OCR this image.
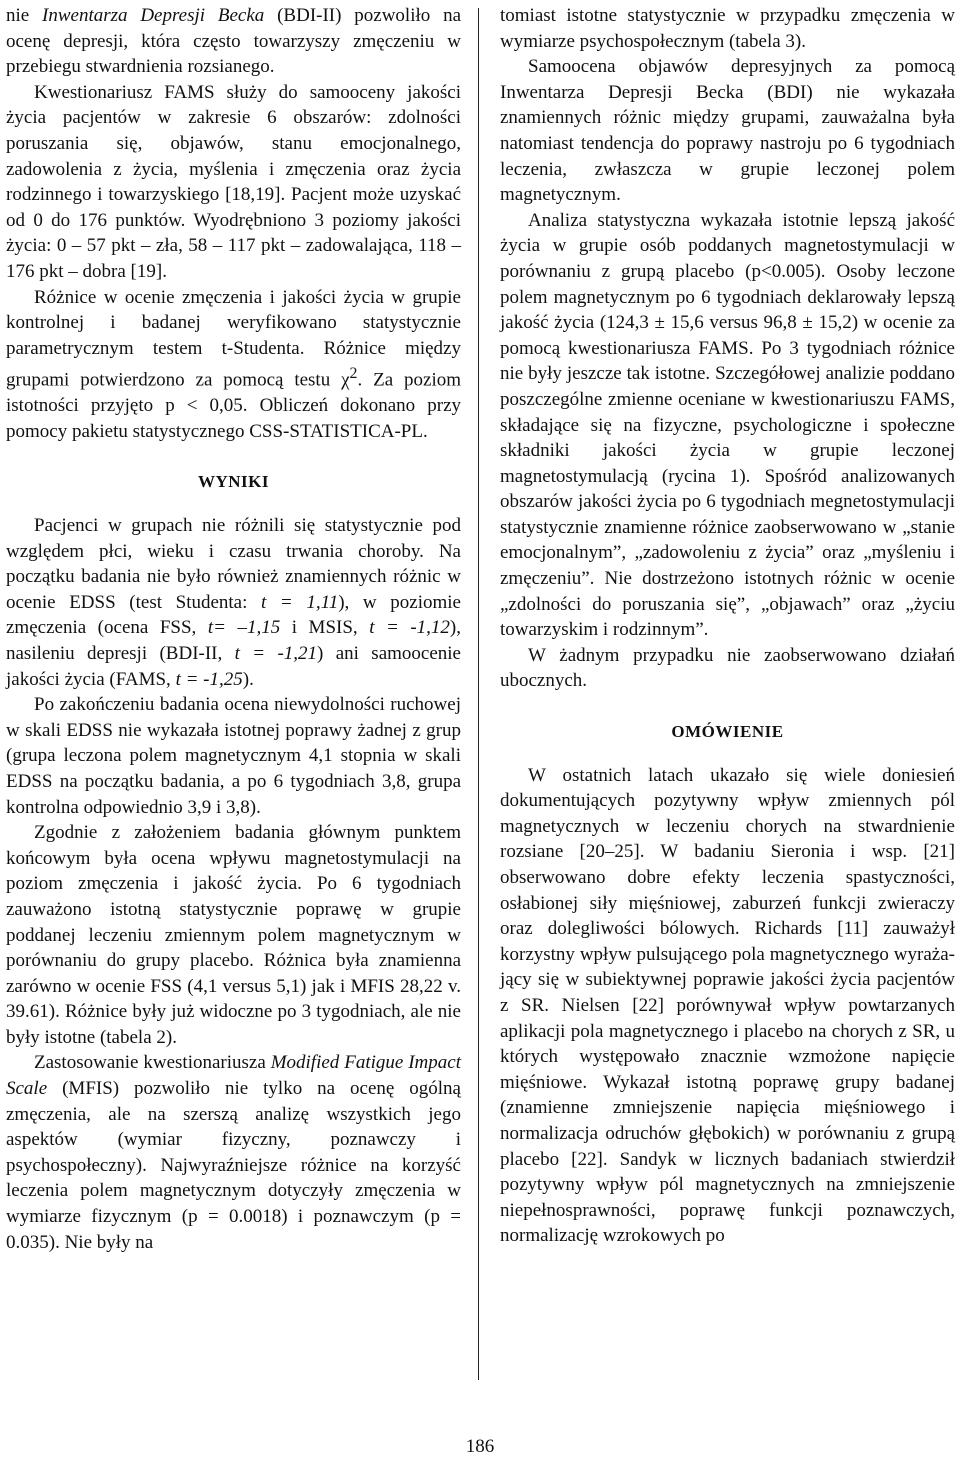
nie Inwentarza Depresji Becka (BDI-II) pozwoliło na ocenę depresji, która często towarzyszy zmęczeniu w przebiegu stwardnienia rozsianego.

Kwestionariusz FAMS służy do samooceny jakości życia pacjentów w zakresie 6 obszarów: zdolności poruszania się, objawów, stanu emocjonalnego, zadowolenia z życia, myślenia i zmęczenia oraz życia rodzinnego i towarzyskiego [18,19]. Pacjent może uzyskać od 0 do 176 punktów. Wyodrębniono 3 poziomy jakości życia: 0 – 57 pkt – zła, 58 – 117 pkt – zadowalająca, 118 – 176 pkt – dobra [19].

Różnice w ocenie zmęczenia i jakości życia w grupie kontrolnej i badanej weryfikowano statystycznie parametrycznym testem t-Studenta. Różnice między grupami potwierdzono za pomocą testu $\chi^2$. Za poziom istotności przyjęto p < 0,05. Obliczeń dokonano przy pomocy pakietu statystycznego CSS-STATISTICA-PL.

WYNIKI

Pacjenci w grupach nie różnili się statystycznie pod względem płci, wieku i czasu trwania choroby. Na początku badania nie było również znamiennych różnic w ocenie EDSS (test Studenta: t = 1,11), w poziomie zmęczenia (ocena FSS, t= –1,15 i MSIS, t = -1,12), nasileniu depresji (BDI-II, t = -1,21) ani samoocenie jakości życia (FAMS, t = -1,25).

Po zakończeniu badania ocena niewydolności ruchowej w skali EDSS nie wykazała istotnej poprawy żadnej z grup (grupa leczona polem magnetycznym 4,1 stopnia w skali EDSS na początku badania, a po 6 tygodniach 3,8, grupa kontrolna odpowiednio 3,9 i 3,8).

Zgodnie z założeniem badania głównym punktem końcowym była ocena wpływu magnetostymulacji na poziom zmęczenia i jakość życia. Po 6 tygodniach zauważono istotną statystycznie poprawę w grupie poddanej leczeniu zmiennym polem magnetycznym w porównaniu do grupy placebo. Różnica była znamienna zarówno w ocenie FSS (4,1 versus 5,1) jak i MFIS 28,22 v. 39.61). Różnice były już widoczne po 3 tygodniach, ale nie były istotne (tabela 2).

Zastosowanie kwestionariusza Modified Fatigue Impact Scale (MFIS) pozwoliło nie tylko na ocenę ogólną zmęczenia, ale na szerszą analizę wszystkich jego aspektów (wymiar fizyczny, poznawczy i psychospołeczny). Najwyraźniejsze różnice na korzyść leczenia polem magnetycznym dotyczyły zmęczenia w wymiarze fizycznym (p = 0.0018) i poznawczym (p = 0.035). Nie były na

tomiast istotne statystycznie w przypadku zmęczenia w wymiarze psychospołecznym (tabela 3).

Samoocena objawów depresyjnych za pomocą Inwentarza Depresji Becka (BDI) nie wykazała znamiennych różnic między grupami, zauważalna była natomiast tendencja do poprawy nastroju po 6 tygodniach leczenia, zwłaszcza w grupie leczonej polem magnetycznym.

Analiza statystyczna wykazała istotnie lepszą jakość życia w grupie osób poddanych magnetostymulacji w porównaniu z grupą placebo (p<0.005). Osoby leczone polem magnetycznym po 6 tygodniach deklarowały lepszą jakość życia (124,3 ± 15,6 versus 96,8 ± 15,2) w ocenie za pomocą kwestionariusza FAMS. Po 3 tygodniach różnice nie były jeszcze tak istotne. Szczegółowej analizie poddano poszczególne zmienne oceniane w kwestionariuszu FAMS, składające się na fizyczne, psychologiczne i społeczne składniki jakości życia w grupie leczonej magnetostymulacją (rycina 1). Spośród analizowanych obszarów jakości życia po 6 tygodniach megnetostymulacji statystycznie znamienne różnice zaobserwowano w „stanie emocjonalnym”, „zadowoleniu z życia” oraz „myśleniu i zmęczeniu”. Nie dostrzeżono istotnych różnic w ocenie „zdolności do poruszania się”, „objawach” oraz „życiu towarzyskim i rodzinnym”.

W żadnym przypadku nie zaobserwowano działań ubocznych.

OMÓWIENIE

W ostatnich latach ukazało się wiele doniesień dokumentujących pozytywny wpływ zmiennych pól magnetycznych w leczeniu chorych na stwardnienie rozsiane [20–25]. W badaniu Sieronia i wsp. [21] obserwowano dobre efekty leczenia spastyczności, osłabionej siły mięśniowej, zaburzeń funkcji zwieraczy oraz dolegliwości bólowych. Richards [11] zauważył korzystny wpływ pulsującego pola magnetycznego wyrażający się w subiektywnej poprawie jakości życia pacjentów z SR. Nielsen [22] porównywał wpływ powtarzanych aplikacji pola magnetycznego i placebo na chorych z SR, u których występowało znacznie wzmożone napięcie mięśniowe. Wykazał istotną poprawę grupy badanej (znamienne zmniejszenie napięcia mięśniowego i normalizacja odruchów głębokich) w porównaniu z grupą placebo [22]. Sandyk w licznych badaniach stwierdził pozytywny wpływ pól magnetycznych na zmniejszenie niepełnosprawności, poprawę funkcji poznawczych, normalizację wzrokowych po

186
